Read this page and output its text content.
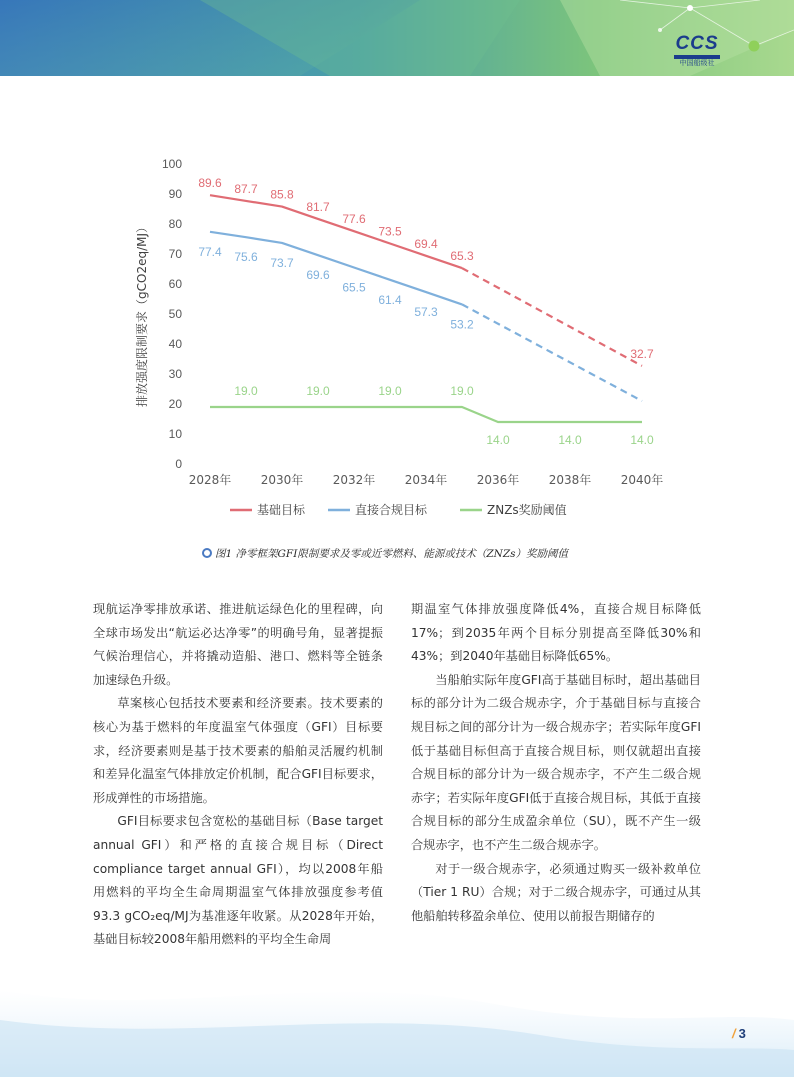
CCS
中国船级社
0
10
20
30
40
50
60
70
80
90
100
2028年 2030年 2032年 2034年 2036年 2038年 2040年
排放强度限制要求（gCO2eq/MJ）
89.6 87.7 85.8
81.7
77.6
73.5
69.4
65.3
32.7
77.4 75.6 73.7
69.6
65.5
61.4
57.3
53.2
19.0	19.0	19.0	19.0
14.0	14.0	14.0
基础目标	直接合规目标	ZNZs奖励阈值
图1 净零框架GFI限制要求及零或近零燃料、能源或技术（ZNZs）奖励阈值

现航运净零排放承诺、推进航运绿色化的里程碑，向全球市场发出“航运必达净零”的明确号角，显著提振气候治理信心，并将撬动造船、港口、燃料等全链条加速绿色升级。

草案核心包括技术要素和经济要素。技术要素的核心为基于燃料的年度温室气体强度（GFI）目标要求，经济要素则是基于技术要素的船舶灵活履约机制和差异化温室气体排放定价机制，配合GFI目标要求，形成弹性的市场措施。

GFI目标要求包含宽松的基础目标（Base target annual GFI）和严格的直接合规目标（Direct compliance target annual GFI），均以2008年船用燃料的平均全生命周期温室气体排放强度参考值93.3 gCO₂eq/MJ为基准逐年收紧。从2028年开始，基础目标较2008年船用燃料的平均全生命周

期温室气体排放强度降低4%，直接合规目标降低17%；到2035年两个目标分别提高至降低30%和43%；到2040年基础目标降低65%。

当船舶实际年度GFI高于基础目标时，超出基础目标的部分计为二级合规赤字，介于基础目标与直接合规目标之间的部分计为一级合规赤字；若实际年度GFI低于基础目标但高于直接合规目标，则仅就超出直接合规目标的部分计为一级合规赤字，不产生二级合规赤字；若实际年度GFI低于直接合规目标，其低于直接合规目标的部分生成盈余单位（SU），既不产生一级合规赤字，也不产生二级合规赤字。

对于一级合规赤字，必须通过购买一级补救单位（Tier 1 RU）合规；对于二级合规赤字，可通过从其他船舶转移盈余单位、使用以前报告期储存的

/ 3
